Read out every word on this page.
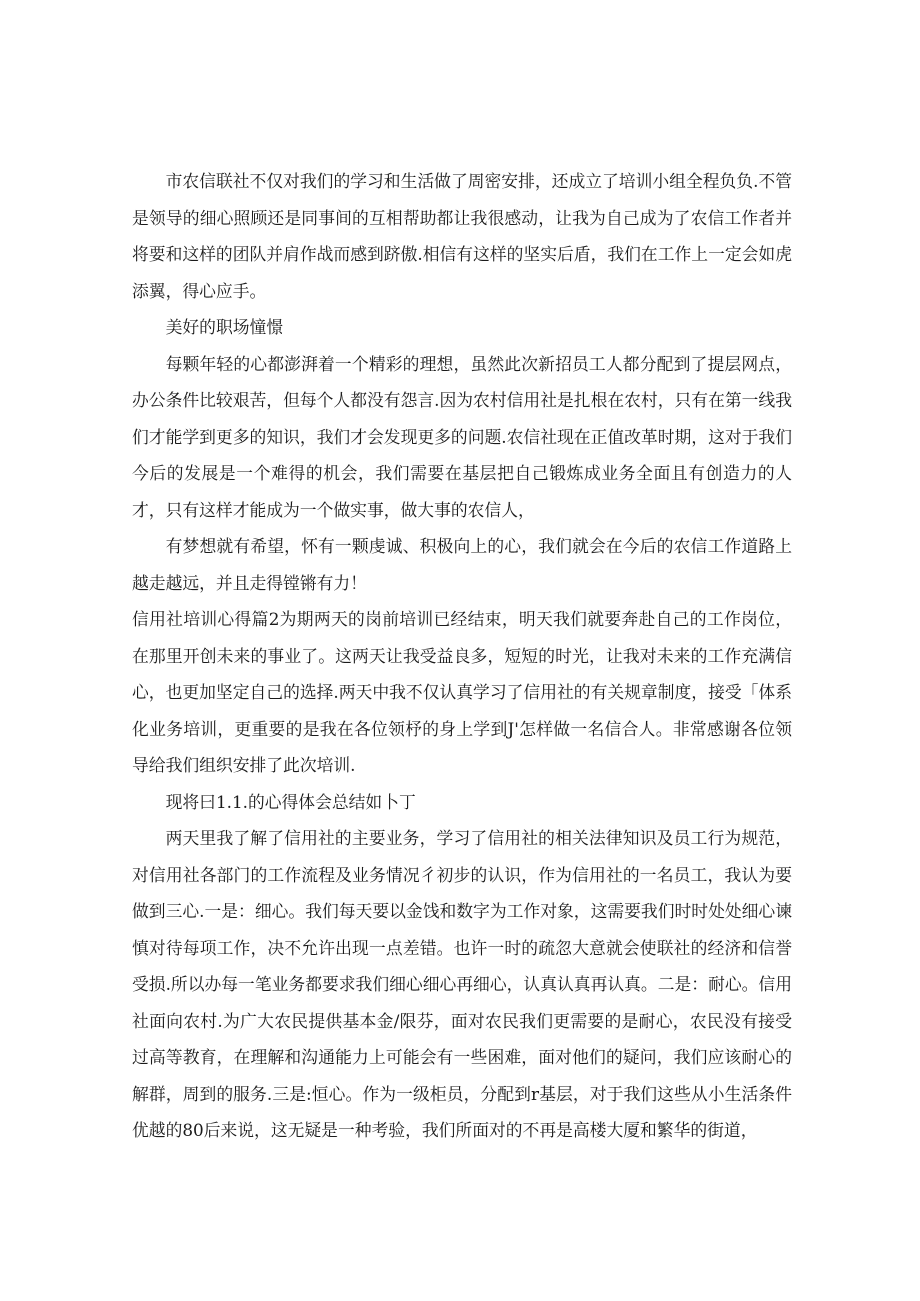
市农信联社不仅对我们的学习和生活做了周密安排，还成立了培训小组全程负负.不管是领导的细心照顾还是同事间的互相帮助都让我很感动，让我为自己成为了农信工作者并将要和这样的团队并肩作战而感到跻傲.相信有这样的坚实后盾，我们在工作上一定会如虎添翼，得心应手。

美好的职场憧憬

每颗年轻的心都澎湃着一个精彩的理想，虽然此次新招员工人都分配到了提层网点，办公条件比较艰苦，但每个人都没有怨言.因为农村信用社是扎根在农村，只有在第一线我们才能学到更多的知识，我们才会发现更多的问题.农信社现在正值改革时期，这对于我们今后的发展是一个难得的机会，我们需要在基层把自己锻炼成业务全面且有创造力的人才，只有这样才能成为一个做实事，做大事的农信人，

有梦想就有希望，怀有一颗虔诚、积极向上的心，我们就会在今后的农信工作道路上越走越远，并且走得镗锵有力！

信用社培训心得篇2为期两天的岗前培训已经结束，明天我们就要奔赴自己的工作岗位，在那里开创未来的事业了。这两天让我受益良多，短短的时光，让我对未来的工作充满信心，也更加坚定自己的选择.两天中我不仅认真学习了信用社的有关规章制度，接受「体系化业务培训，更重要的是我在各位领杼的身上学到J'怎样做一名信合人。非常感谢各位领导给我们组织安排了此次培训.

现将曰1.1.的心得体会总结如卜丁

两天里我了解了信用社的主要业务，学习了信用社的相关法律知识及员工行为规范，对信用社各部门的工作流程及业务情况彳初步的认识，作为信用社的一名员工，我认为要做到三心.一是：细心。我们每天要以金饯和数字为工作对象，这需要我们时时处处细心谏慎对待每项工作，决不允许出现一点差错。也许一时的疏忽大意就会使联社的经济和信誉受损.所以办每一笔业务都要求我们细心细心再细心，认真认真再认真。二是：耐心。信用社面向农村.为广大农民提供基本金/限芬，面对农民我们更需要的是耐心，农民没有接受过高等教育，在理解和沟通能力上可能会有一些困难，面对他们的疑问，我们应该耐心的解群，周到的服务.三是:恒心。作为一级柜员，分配到r基层，对于我们这些从小生活条件优越的80后来说，这无疑是一种考验，我们所面对的不再是高楼大厦和繁华的街道，
